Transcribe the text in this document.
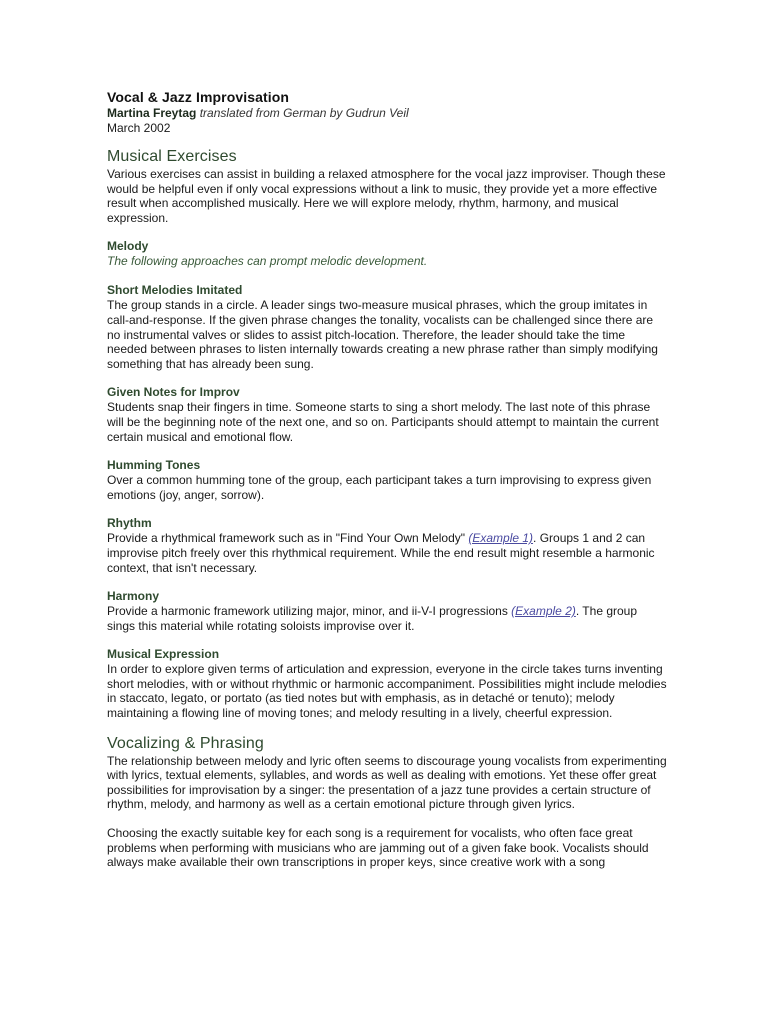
Vocal & Jazz Improvisation

Martina Freytag translated from German by Gudrun Veil

March 2002

Musical Exercises

Various exercises can assist in building a relaxed atmosphere for the vocal jazz improviser. Though these would be helpful even if only vocal expressions without a link to music, they provide yet a more effective result when accomplished musically. Here we will explore melody, rhythm, harmony, and musical expression.

Melody

The following approaches can prompt melodic development.

Short Melodies Imitated

The group stands in a circle. A leader sings two-measure musical phrases, which the group imitates in call-and-response. If the given phrase changes the tonality, vocalists can be challenged since there are no instrumental valves or slides to assist pitch-location. Therefore, the leader should take the time needed between phrases to listen internally towards creating a new phrase rather than simply modifying something that has already been sung.

Given Notes for Improv

Students snap their fingers in time. Someone starts to sing a short melody. The last note of this phrase will be the beginning note of the next one, and so on. Participants should attempt to maintain the current certain musical and emotional flow.

Humming Tones

Over a common humming tone of the group, each participant takes a turn improvising to express given emotions (joy, anger, sorrow).

Rhythm

Provide a rhythmical framework such as in "Find Your Own Melody" (Example 1). Groups 1 and 2 can improvise pitch freely over this rhythmical requirement. While the end result might resemble a harmonic context, that isn't necessary.

Harmony

Provide a harmonic framework utilizing major, minor, and ii-V-I progressions (Example 2). The group sings this material while rotating soloists improvise over it.

Musical Expression

In order to explore given terms of articulation and expression, everyone in the circle takes turns inventing short melodies, with or without rhythmic or harmonic accompaniment. Possibilities might include melodies in staccato, legato, or portato (as tied notes but with emphasis, as in detaché or tenuto); melody maintaining a flowing line of moving tones; and melody resulting in a lively, cheerful expression.

Vocalizing & Phrasing

The relationship between melody and lyric often seems to discourage young vocalists from experimenting with lyrics, textual elements, syllables, and words as well as dealing with emotions. Yet these offer great possibilities for improvisation by a singer: the presentation of a jazz tune provides a certain structure of rhythm, melody, and harmony as well as a certain emotional picture through given lyrics.

Choosing the exactly suitable key for each song is a requirement for vocalists, who often face great problems when performing with musicians who are jamming out of a given fake book. Vocalists should always make available their own transcriptions in proper keys, since creative work with a song
